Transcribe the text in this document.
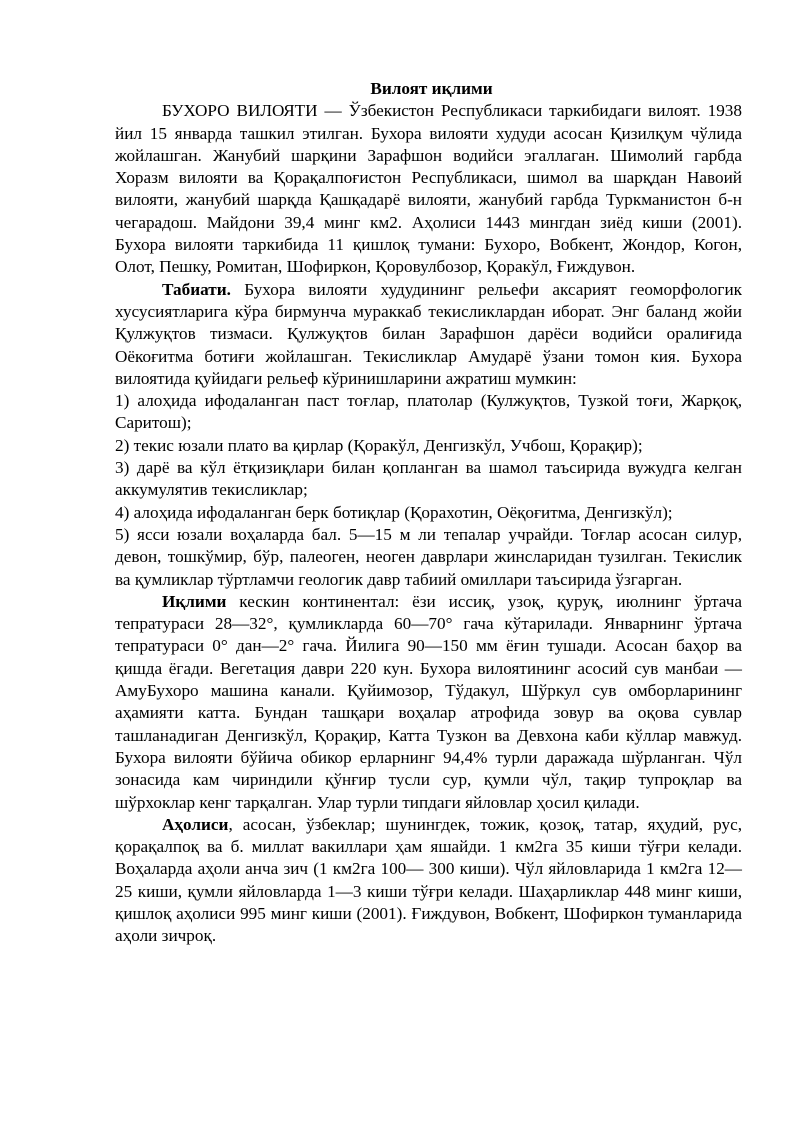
Вилоят иқлими

БУХОРО ВИЛОЯТИ — Ўзбекистон Республикаси таркибидаги вилоят. 1938 йил 15 январда ташкил этилган. Бухора вилояти худуди асосан Қизилқум чўлида жойлашган. Жанубий шарқини Зарафшон водийси эгаллаган. Шимолий гарбда Хоразм вилояти ва Қорақалпоғистон Республикаси, шимол ва шарқдан Навоий вилояти, жанубий шарқда Қашқадарё вилояти, жанубий гарбда Туркманистон б-н чегарадош. Майдони 39,4 минг км2. Аҳолиси 1443 мингдан зиёд киши (2001). Бухора вилояти таркибида 11 қишлоқ тумани: Бухоро, Вобкент, Жондор, Когон, Олот, Пешку, Ромитан, Шофиркон, Қоровулбозор, Қоракўл, Ғиждувон.

Табиати. Бухора вилояти худудининг рельефи аксарият геоморфологик хусусиятларига кўра бирмунча мураккаб текисликлардан иборат. Энг баланд жойи Қулжуқтов тизмаси. Қулжуқтов билан Зарафшон дарёси водийси оралиғида Оёкоғитма ботиғи жойлашган. Текисликлар Амударё ўзани томон кия. Бухора вилоятида қуйидаги рельеф кўринишларини ажратиш мумкин:

1) алоҳида ифодаланган паст тоғлар, платолар (Кулжуқтов, Тузкой тоғи, Жарқоқ, Саритош);

2) текис юзали плато ва қирлар (Қоракўл, Денгизкўл, Учбош, Қорақир);

3) дарё ва кўл ётқизиқлари билан қопланган ва шамол таъсирида вужудга келган аккумулятив текисликлар;

4) алоҳида ифодаланган берк ботиқлар (Қорахотин, Оёқоғитма, Денгизкўл);

5) ясси юзали воҳаларда бал. 5—15 м ли тепалар учрайди. Тоғлар асосан силур, девон, тошкўмир, бўр, палеоген, неоген даврлари жинсларидан тузилган. Текислик ва қумликлар тўртламчи геологик давр табиий омиллари таъсирида ўзгарган.

Иқлими кескин континентал: ёзи иссиқ, узоқ, қуруқ, июлнинг ўртача тепратураси 28—32°, қумликларда 60—70° гача кўтарилади. Январнинг ўртача тепратураси 0° дан—2° гача. Йилига 90—150 мм ёғин тушади. Асосан баҳор ва қишда ёгади. Вегетация даври 220 кун. Бухора вилоятининг асосий сув манбаи —АмуБухоро машина канали. Қуйимозор, Тўдакул, Шўркул сув омборларининг аҳамияти катта. Бундан ташқари воҳалар атрофида зовур ва оқова сувлар ташланадиган Денгизкўл, Қорақир, Катта Тузкон ва Девхона каби кўллар мавжуд. Бухора вилояти бўйича обикор ерларнинг 94,4% турли даражада шўрланган. Чўл зонасида кам чириндили қўнғир тусли сур, қумли чўл, тақир тупроқлар ва шўрхоклар кенг тарқалган. Улар турли типдаги яйловлар ҳосил қилади.

Аҳолиси, асосан, ўзбеклар; шунингдек, тожик, қозоқ, татар, яҳудий, рус, қорақалпоқ ва б. миллат вакиллари ҳам яшайди. 1 км2га 35 киши тўғри келади. Воҳаларда аҳоли анча зич (1 км2га 100— 300 киши). Чўл яйловларида 1 км2га 12—25 киши, қумли яйловларда 1—3 киши тўғри келади. Шаҳарликлар 448 минг киши, қишлоқ аҳолиси 995 минг киши (2001). Ғиждувон, Вобкент, Шофиркон туманларида аҳоли зичроқ.
